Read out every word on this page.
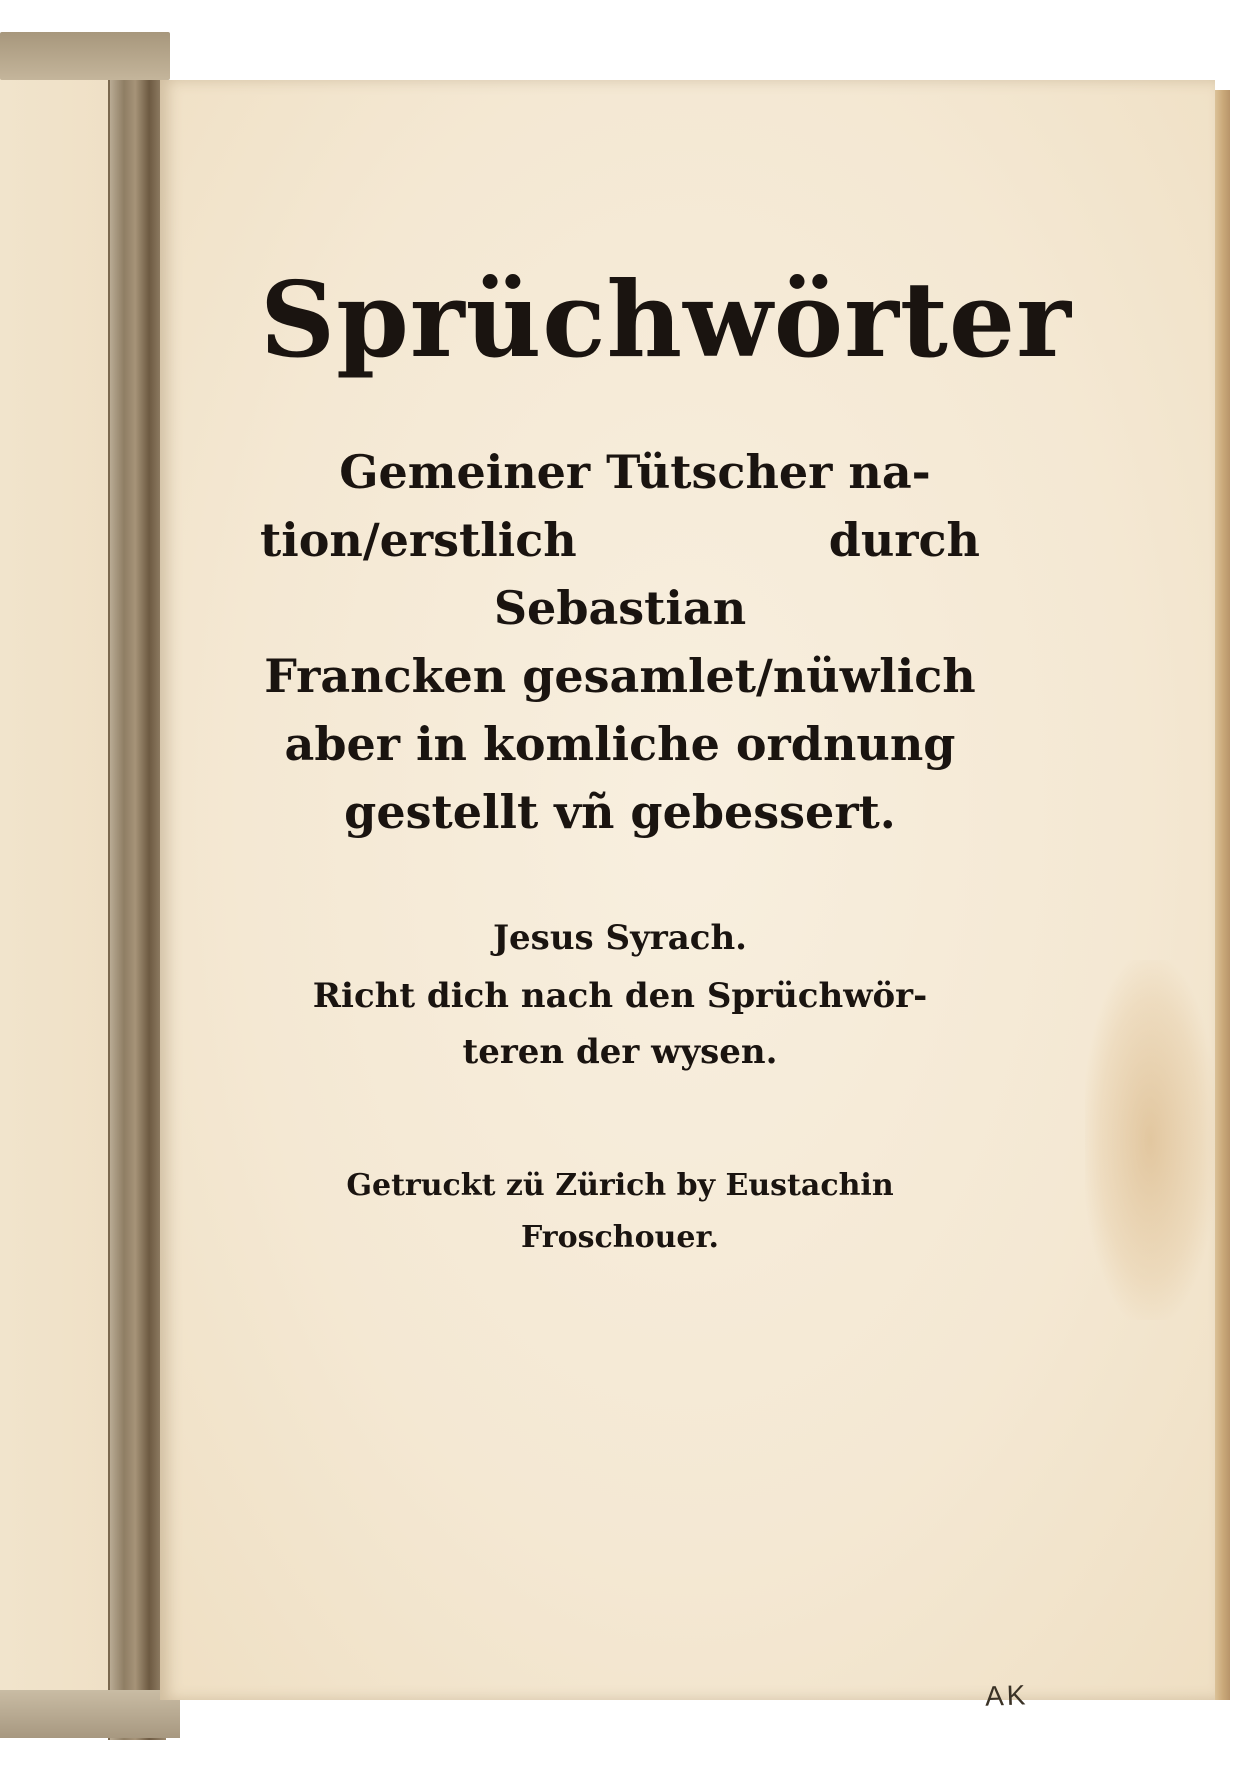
Sprüchwörter
Gemeiner Tütscher na-
tion/erstlich durch Sebastian
Francken gesamlet/nüwlich
aber in komliche ordnung
gestellt vñ gebessert.
Jesus Syrach.
Richt dich nach den Sprüchwör-
teren der wysen.
Getruckt zü Zürich by Eustachin
Froschouer.
AK
